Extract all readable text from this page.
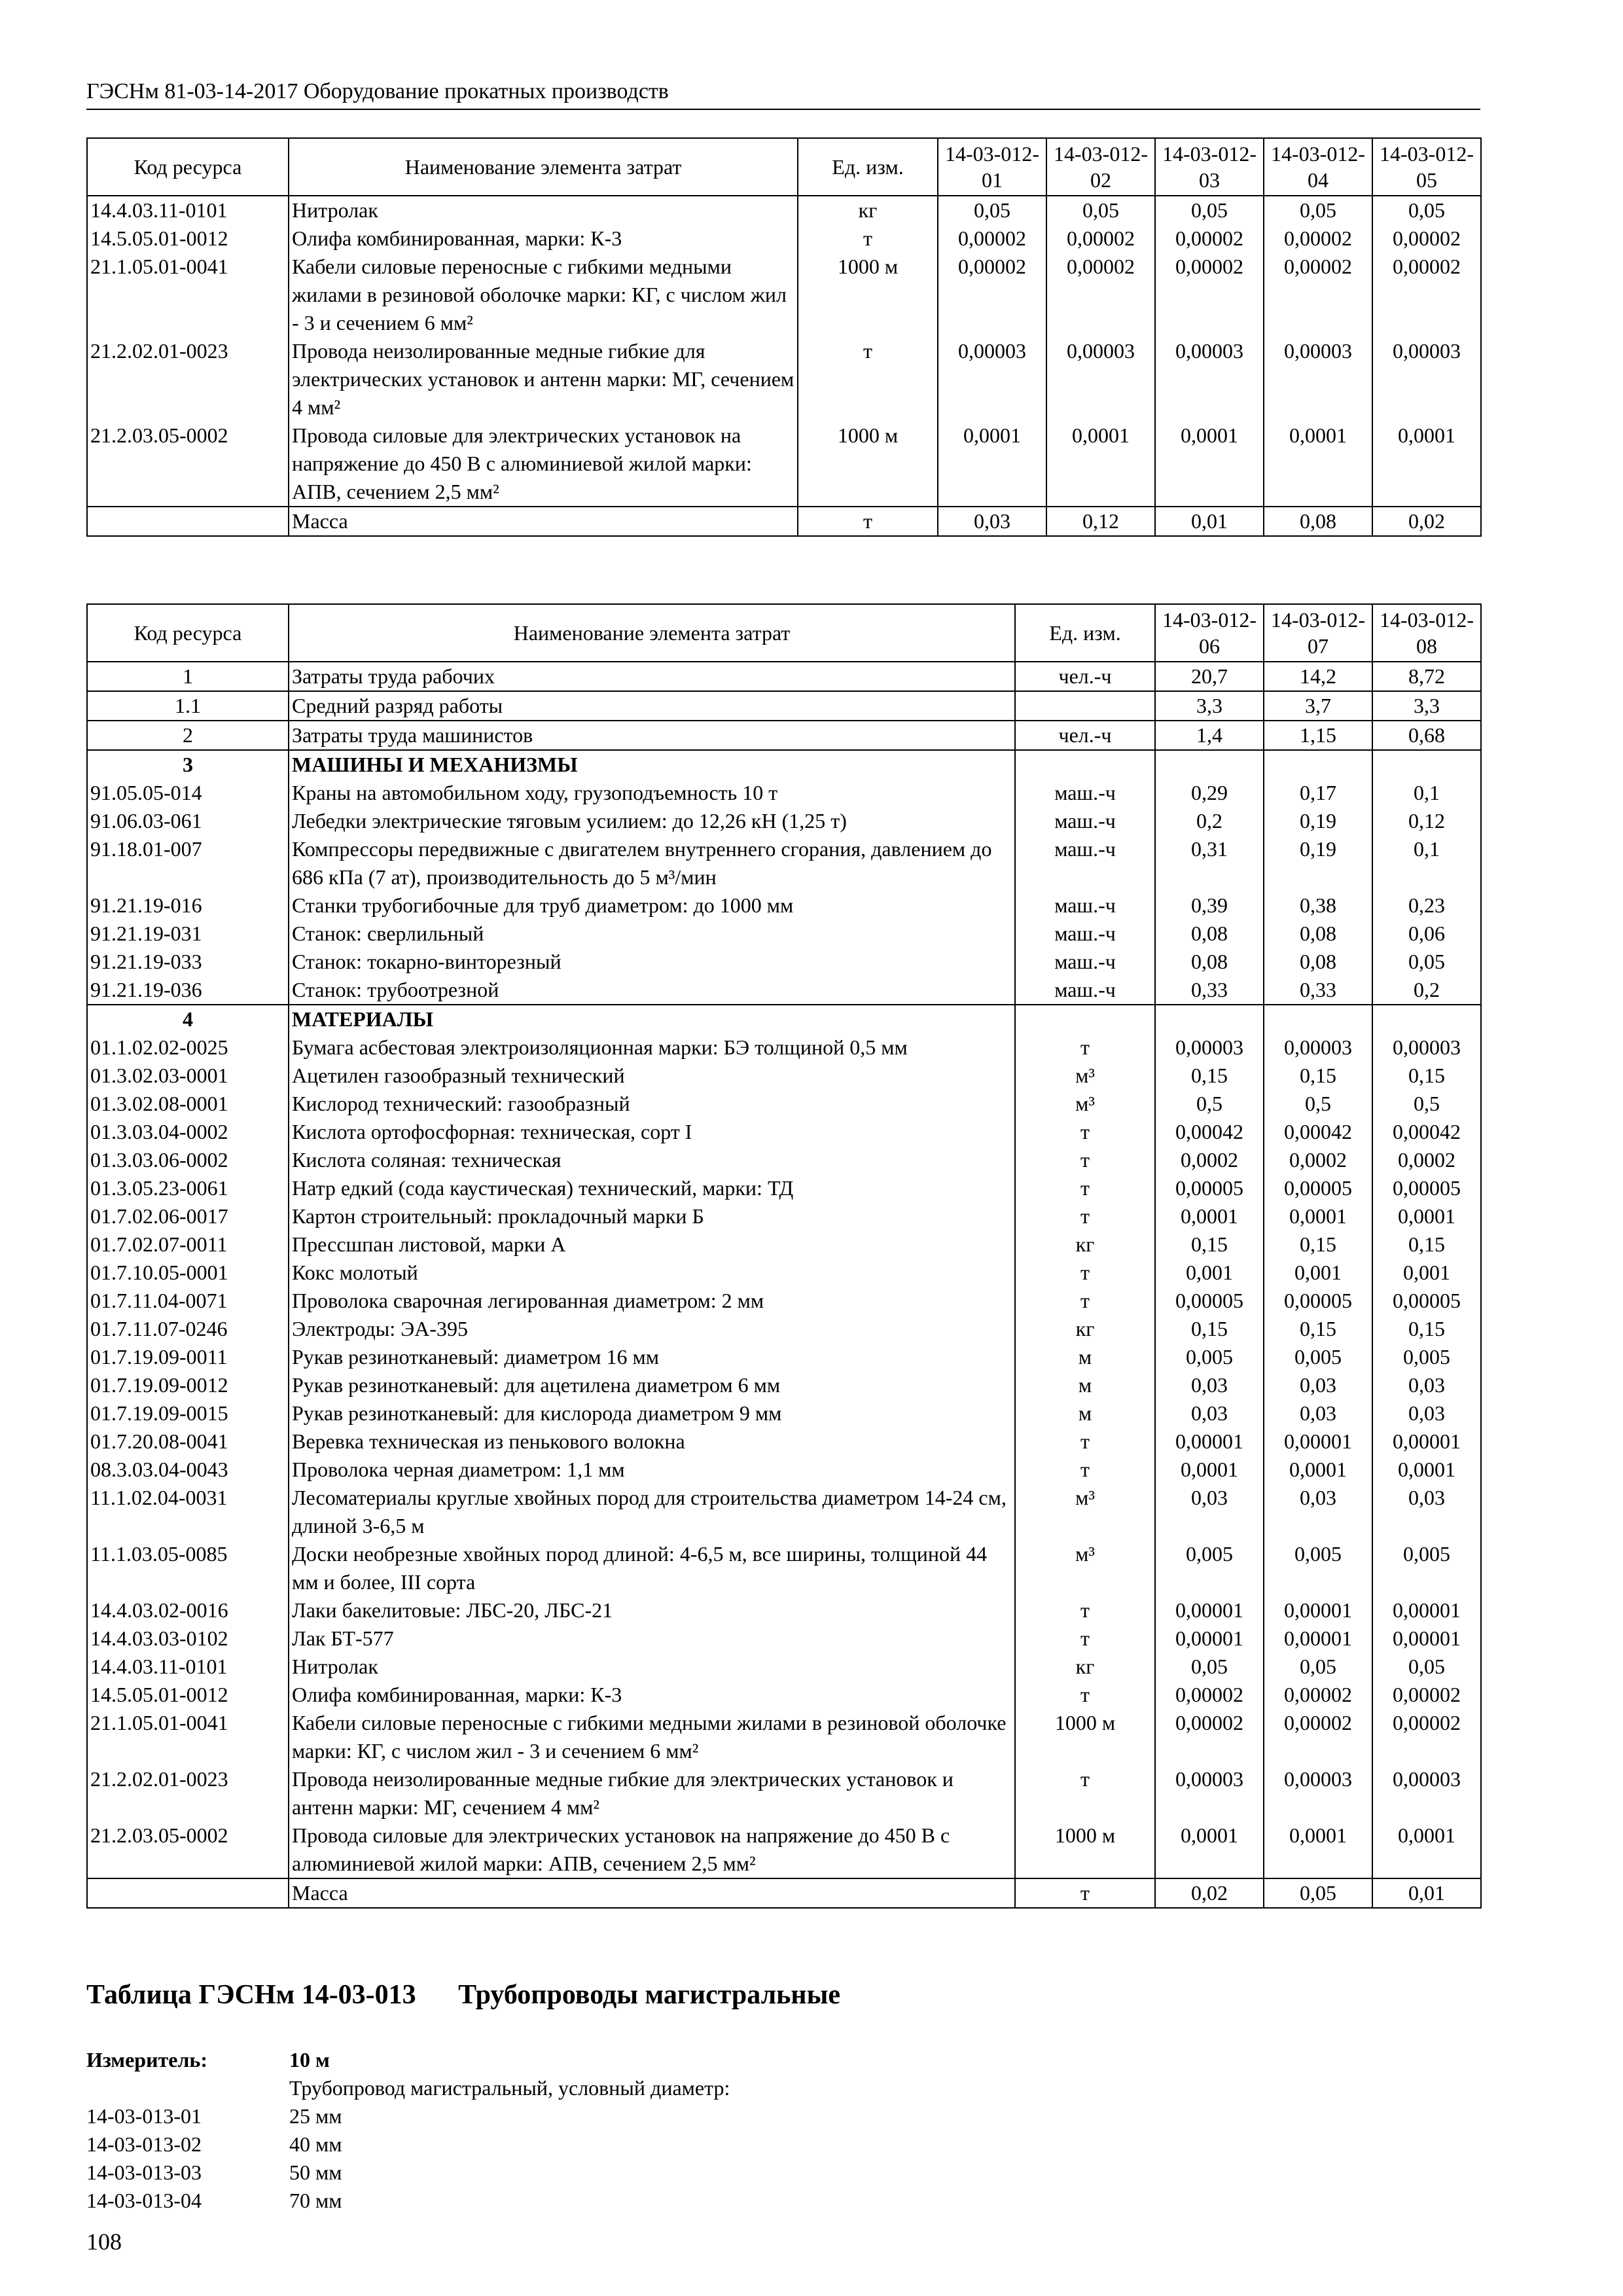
ГЭСНм 81-03-14-2017 Оборудование прокатных производств
Код ресурса	Наименование элемента затрат	Ед. изм.	14-03-012-01	14-03-012-02	14-03-012-03	14-03-012-04	14-03-012-05
14.4.03.11-0101	Нитролак	кг	0,05	0,05	0,05	0,05	0,05
14.5.05.01-0012	Олифа комбинированная, марки: К-3	т	0,00002	0,00002	0,00002	0,00002	0,00002
21.1.05.01-0041	Кабели силовые переносные с гибкими медными жилами в резиновой оболочке марки: КГ, с числом жил - 3 и сечением 6 мм²	1000 м	0,00002	0,00002	0,00002	0,00002	0,00002
21.2.02.01-0023	Провода неизолированные медные гибкие для электрических установок и антенн марки: МГ, сечением 4 мм²	т	0,00003	0,00003	0,00003	0,00003	0,00003
21.2.03.05-0002	Провода силовые для электрических установок на напряжение до 450 В с алюминиевой жилой марки: АПВ, сечением 2,5 мм²	1000 м	0,0001	0,0001	0,0001	0,0001	0,0001
	Масса	т	0,03	0,12	0,01	0,08	0,02
Код ресурса	Наименование элемента затрат	Ед. изм.	14-03-012-06	14-03-012-07	14-03-012-08
1	Затраты труда рабочих	чел.-ч	20,7	14,2	8,72
1.1	Средний разряд работы		3,3	3,7	3,3
2	Затраты труда машинистов	чел.-ч	1,4	1,15	0,68
3	МАШИНЫ И МЕХАНИЗМЫ				
91.05.05-014	Краны на автомобильном ходу, грузоподъемность 10 т	маш.-ч	0,29	0,17	0,1
91.06.03-061	Лебедки электрические тяговым усилием: до 12,26 кН (1,25 т)	маш.-ч	0,2	0,19	0,12
91.18.01-007	Компрессоры передвижные с двигателем внутреннего сгорания, давлением до 686 кПа (7 ат), производительность до 5 м³/мин	маш.-ч	0,31	0,19	0,1
91.21.19-016	Станки трубогибочные для труб диаметром: до 1000 мм	маш.-ч	0,39	0,38	0,23
91.21.19-031	Станок: сверлильный	маш.-ч	0,08	0,08	0,06
91.21.19-033	Станок: токарно-винторезный	маш.-ч	0,08	0,08	0,05
91.21.19-036	Станок: трубоотрезной	маш.-ч	0,33	0,33	0,2
4	МАТЕРИАЛЫ				
01.1.02.02-0025	Бумага асбестовая электроизоляционная марки: БЭ толщиной 0,5 мм	т	0,00003	0,00003	0,00003
01.3.02.03-0001	Ацетилен газообразный технический	м³	0,15	0,15	0,15
01.3.02.08-0001	Кислород технический: газообразный	м³	0,5	0,5	0,5
01.3.03.04-0002	Кислота ортофосфорная: техническая, сорт I	т	0,00042	0,00042	0,00042
01.3.03.06-0002	Кислота соляная: техническая	т	0,0002	0,0002	0,0002
01.3.05.23-0061	Натр едкий (сода каустическая) технический, марки: ТД	т	0,00005	0,00005	0,00005
01.7.02.06-0017	Картон строительный: прокладочный марки Б	т	0,0001	0,0001	0,0001
01.7.02.07-0011	Прессшпан листовой, марки А	кг	0,15	0,15	0,15
01.7.10.05-0001	Кокс молотый	т	0,001	0,001	0,001
01.7.11.04-0071	Проволока сварочная легированная диаметром: 2 мм	т	0,00005	0,00005	0,00005
01.7.11.07-0246	Электроды: ЭА-395	кг	0,15	0,15	0,15
01.7.19.09-0011	Рукав резинотканевый: диаметром 16 мм	м	0,005	0,005	0,005
01.7.19.09-0012	Рукав резинотканевый: для ацетилена диаметром 6 мм	м	0,03	0,03	0,03
01.7.19.09-0015	Рукав резинотканевый: для кислорода диаметром 9 мм	м	0,03	0,03	0,03
01.7.20.08-0041	Веревка техническая из пенькового волокна	т	0,00001	0,00001	0,00001
08.3.03.04-0043	Проволока черная диаметром: 1,1 мм	т	0,0001	0,0001	0,0001
11.1.02.04-0031	Лесоматериалы круглые хвойных пород для строительства диаметром 14-24 см, длиной 3-6,5 м	м³	0,03	0,03	0,03
11.1.03.05-0085	Доски необрезные хвойных пород длиной: 4-6,5 м, все ширины, толщиной 44 мм и более, III сорта	м³	0,005	0,005	0,005
14.4.03.02-0016	Лаки бакелитовые: ЛБС-20, ЛБС-21	т	0,00001	0,00001	0,00001
14.4.03.03-0102	Лак БТ-577	т	0,00001	0,00001	0,00001
14.4.03.11-0101	Нитролак	кг	0,05	0,05	0,05
14.5.05.01-0012	Олифа комбинированная, марки: К-3	т	0,00002	0,00002	0,00002
21.1.05.01-0041	Кабели силовые переносные с гибкими медными жилами в резиновой оболочке марки: КГ, с числом жил - 3 и сечением 6 мм²	1000 м	0,00002	0,00002	0,00002
21.2.02.01-0023	Провода неизолированные медные гибкие для электрических установок и антенн марки: МГ, сечением 4 мм²	т	0,00003	0,00003	0,00003
21.2.03.05-0002	Провода силовые для электрических установок на напряжение до 450 В с алюминиевой жилой марки: АПВ, сечением 2,5 мм²	1000 м	0,0001	0,0001	0,0001
	Масса	т	0,02	0,05	0,01
Таблица ГЭСНм 14-03-013 Трубопроводы магистральные
Измеритель:	10 м
Трубопровод магистральный, условный диаметр:
14-03-013-01	25 мм
14-03-013-02	40 мм
14-03-013-03	50 мм
14-03-013-04	70 мм
108
